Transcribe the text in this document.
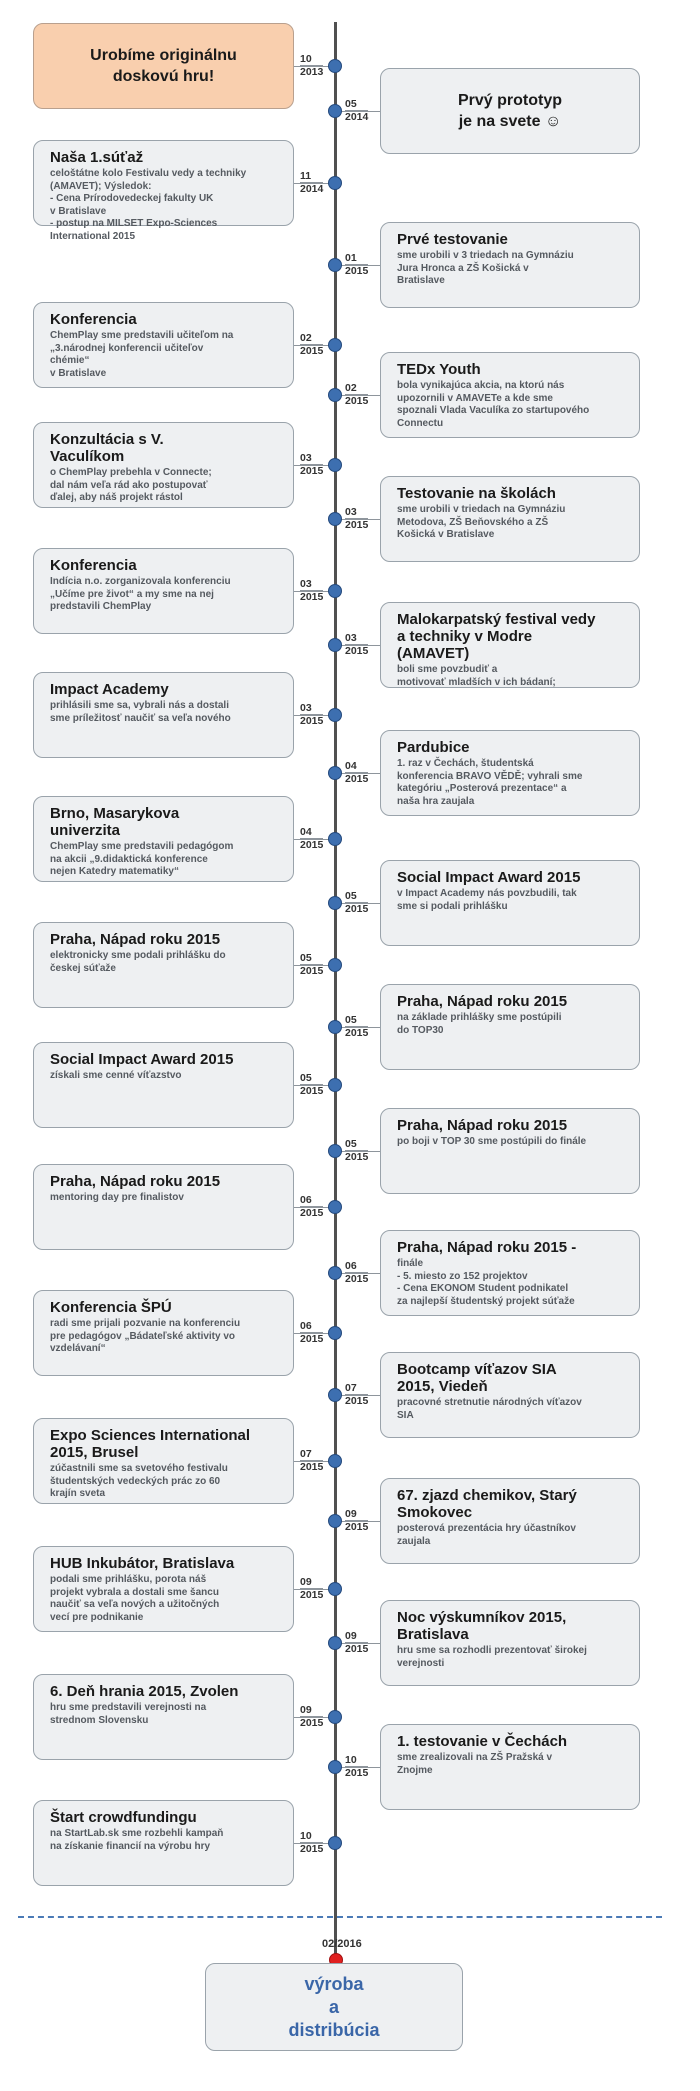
02/2016
výroba
a
distribúcia
10
2013
Urobíme originálnu
doskovú hru!
05
2014
Prvý prototyp
je na svete ☺
11
2014
Naša 1.súťaž
celoštátne kolo Festivalu vedy a techniky
(AMAVET); Výsledok:
- Cena Prírodovedeckej fakulty UK
v Bratislave
- postup na MILSET Expo-Sciences
International 2015
01
2015
Prvé testovanie
sme urobili v 3 triedach na Gymnáziu
Jura Hronca a ZŠ Košická v
Bratislave
02
2015
Konferencia
ChemPlay sme predstavili učiteľom na
„3.národnej konferencii učiteľov
chémie“
v Bratislave
02
2015
TEDx Youth
bola vynikajúca akcia, na ktorú nás
upozornili v AMAVETe a kde sme
spoznali Vlada Vaculíka zo startupového
Connectu
03
2015
Konzultácia s V.
Vaculíkom
o ChemPlay prebehla v Connecte;
dal nám veľa rád ako postupovať
ďalej, aby náš projekt rástol
03
2015
Testovanie na školách
sme urobili v triedach na Gymnáziu
Metodova, ZŠ Beňovského a ZŠ
Košická v Bratislave
03
2015
Konferencia
Indícia n.o. zorganizovala konferenciu
„Učíme pre život“ a my sme na nej
predstavili ChemPlay
03
2015
Malokarpatský festival vedy
a techniky v Modre
(AMAVET)
boli sme povzbudiť a
motivovať mladších v ich bádaní;
03
2015
Impact Academy
prihlásili sme sa, vybrali nás a dostali
sme príležitosť naučiť sa veľa nového
04
2015
Pardubice
1. raz v Čechách, študentská
konferencia BRAVO VĚDĚ; vyhrali sme
kategóriu „Posterová prezentace“ a
naša hra zaujala
04
2015
Brno, Masarykova
univerzita
ChemPlay sme predstavili pedagógom
na akcii „9.didaktická konference
nejen Katedry matematiky“
05
2015
Social Impact Award 2015
v Impact Academy nás povzbudili, tak
sme si podali prihlášku
05
2015
Praha, Nápad roku 2015
elektronicky sme podali prihlášku do
českej súťaže
05
2015
Praha, Nápad roku 2015
na základe prihlášky sme postúpili
do TOP30
05
2015
Social Impact Award 2015
získali sme cenné víťazstvo
05
2015
Praha, Nápad roku 2015
po boji v TOP 30 sme postúpili do finále
06
2015
Praha, Nápad roku 2015
mentoring day pre finalistov
06
2015
Praha, Nápad roku 2015 -
finále
- 5. miesto zo 152 projektov
- Cena EKONOM Student podnikatel
za najlepší študentský projekt súťaže
06
2015
Konferencia ŠPÚ
radi sme prijali pozvanie na konferenciu
pre pedagógov „Bádateľské aktivity vo
vzdelávaní“
07
2015
Bootcamp víťazov SIA
2015, Viedeň
pracovné stretnutie národných víťazov
SIA
07
2015
Expo Sciences International
2015, Brusel
zúčastnili sme sa svetového festivalu
študentských vedeckých prác zo 60
krajín sveta
09
2015
67. zjazd chemikov, Starý
Smokovec
posterová prezentácia hry účastníkov
zaujala
09
2015
HUB Inkubátor, Bratislava
podali sme prihlášku, porota náš
projekt vybrala a dostali sme šancu
naučiť sa veľa nových a užitočných
vecí pre podnikanie
09
2015
Noc výskumníkov 2015,
Bratislava
hru sme sa rozhodli prezentovať širokej
verejnosti
09
2015
6. Deň hrania 2015, Zvolen
hru sme predstavili verejnosti na
strednom Slovensku
10
2015
1. testovanie v Čechách
sme zrealizovali na ZŠ Pražská v
Znojme
10
2015
Štart crowdfundingu
na StartLab.sk sme rozbehli kampaň
na získanie financií na výrobu hry
